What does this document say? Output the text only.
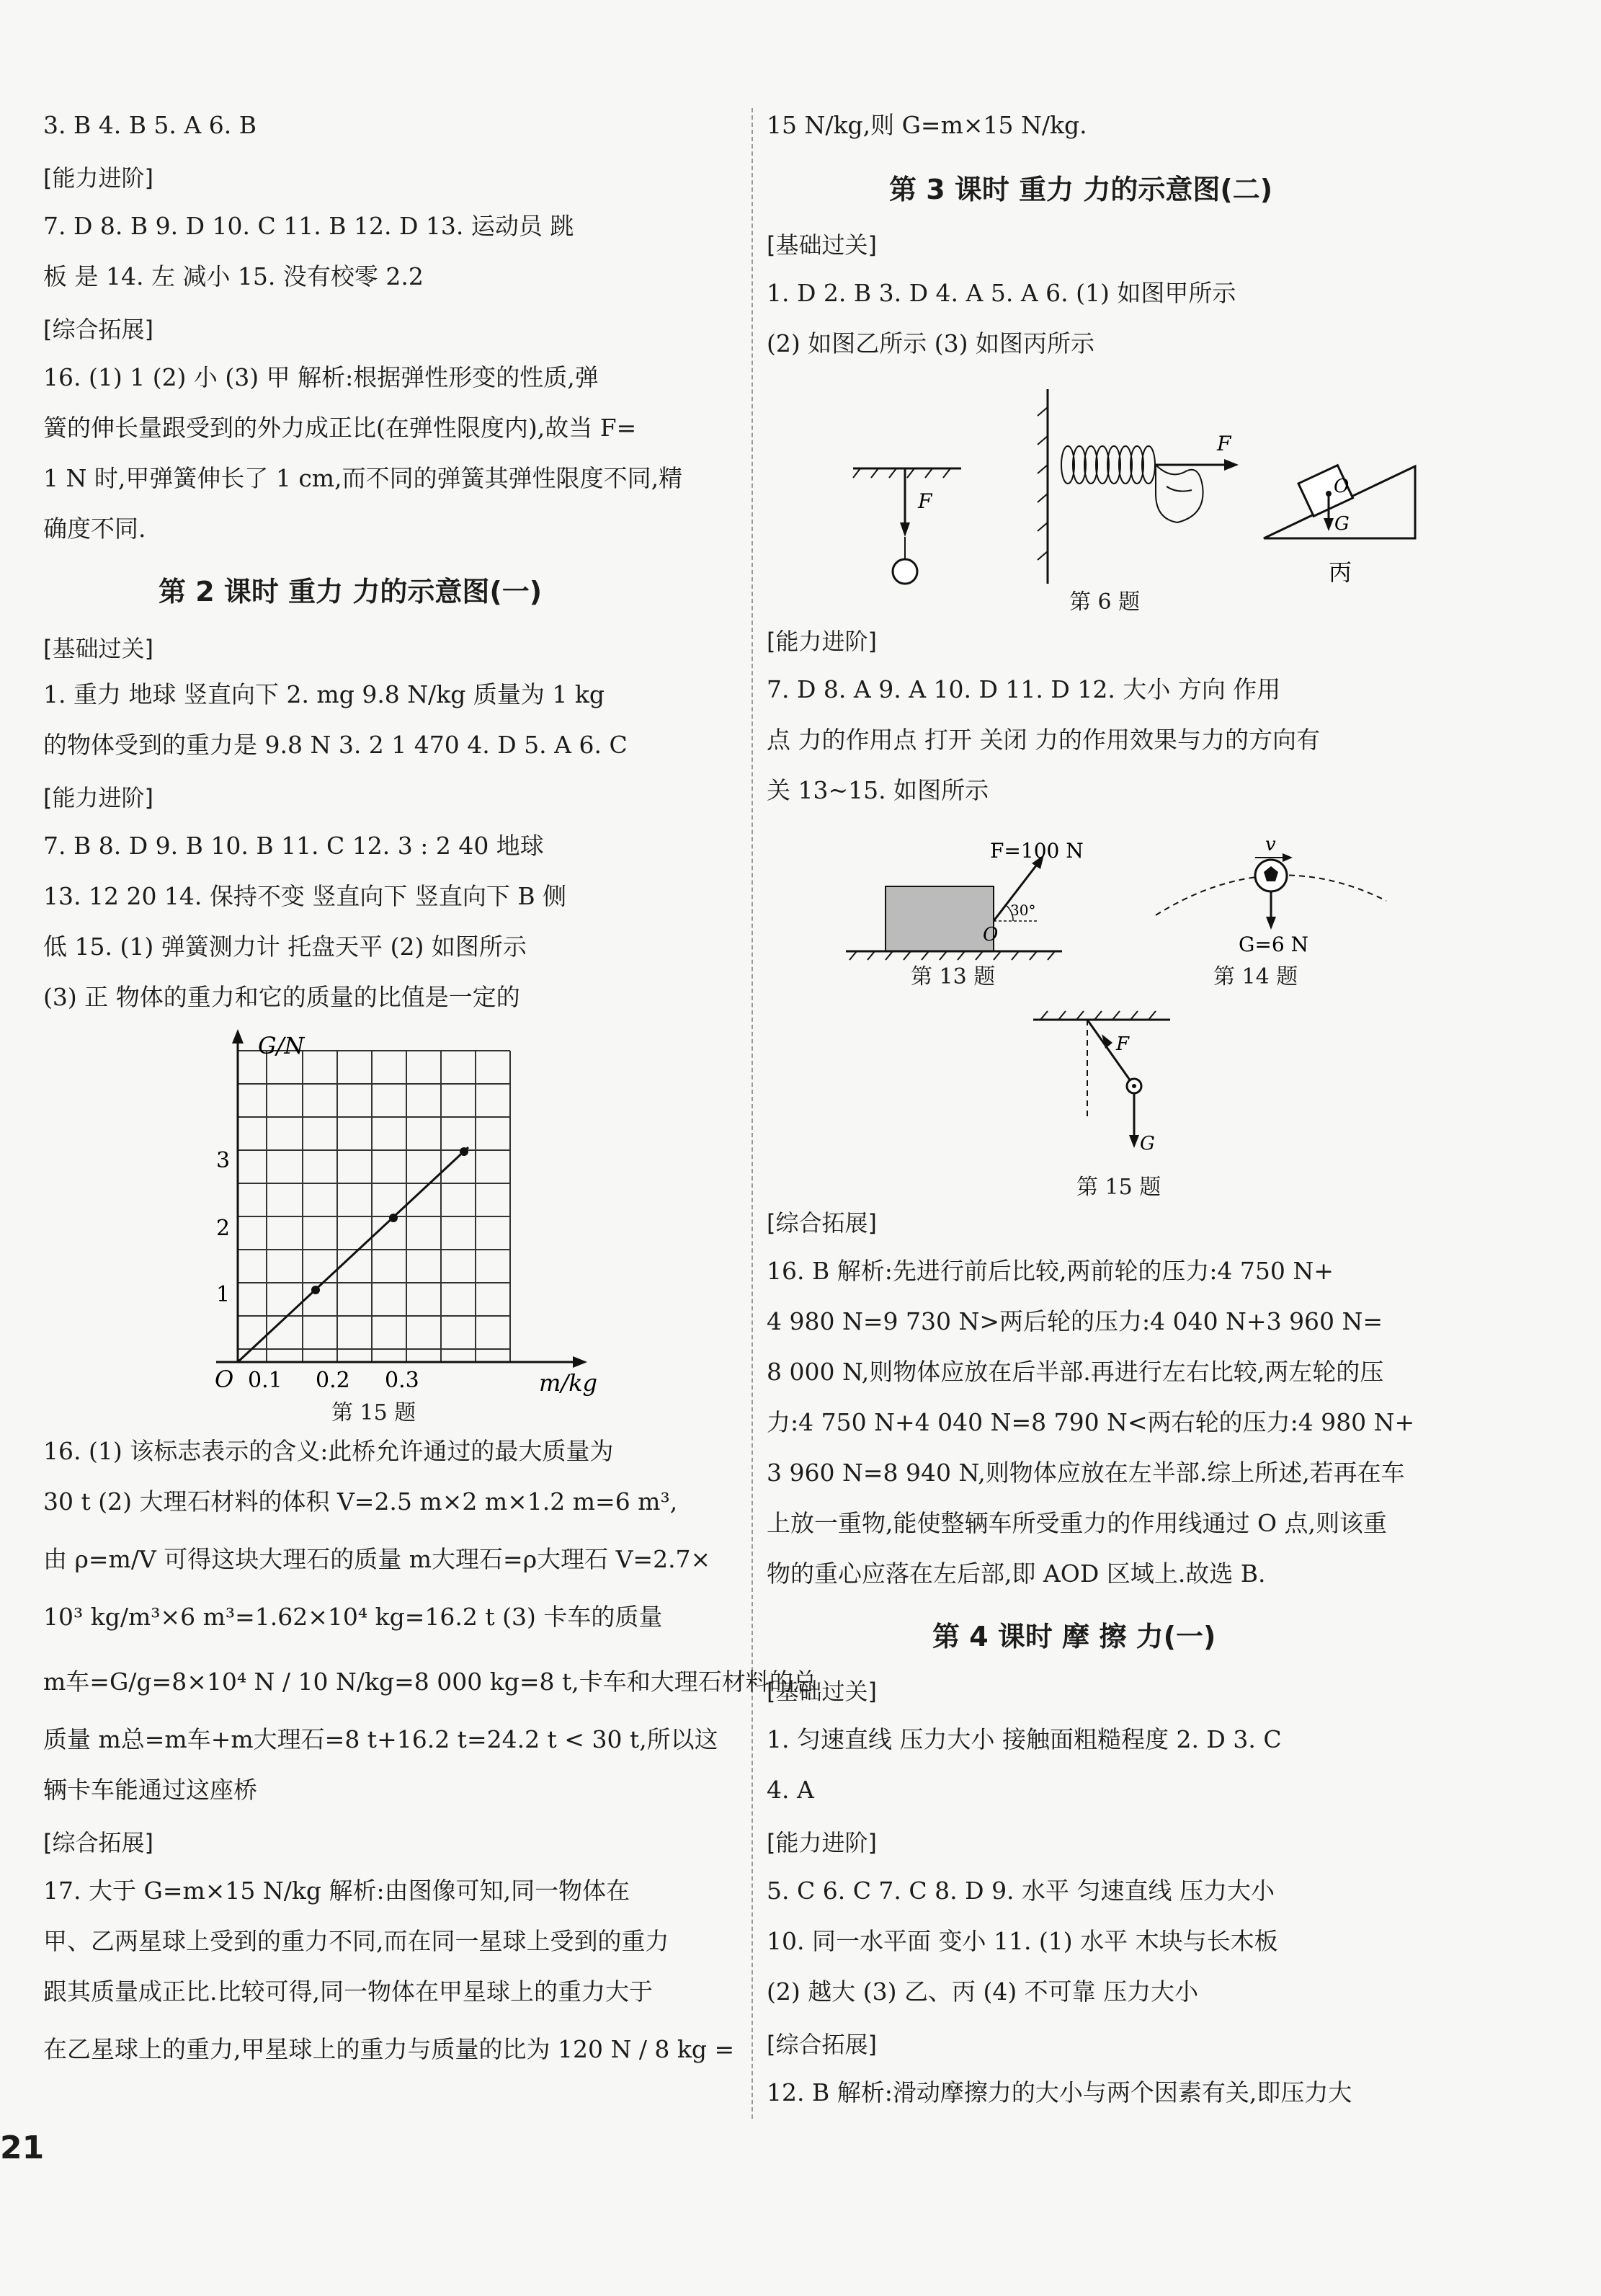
3. B 4. B 5. A 6. B
[能力进阶]
7. D 8. B 9. D 10. C 11. B 12. D 13. 运动员 跳
板 是 14. 左 减小 15. 没有校零 2.2
[综合拓展]
16. (1) 1 (2) 小 (3) 甲 解析:根据弹性形变的性质,弹
簧的伸长量跟受到的外力成正比(在弹性限度内),故当 F=
1 N 时,甲弹簧伸长了 1 cm,而不同的弹簧其弹性限度不同,精
确度不同.
第 2 课时 重力 力的示意图(一)
[基础过关]
1. 重力 地球 竖直向下 2. mg 9.8 N/kg 质量为 1 kg
的物体受到的重力是 9.8 N 3. 2 1 470 4. D 5. A 6. C
[能力进阶]
7. B 8. D 9. B 10. B 11. C 12. 3 : 2 40 地球
13. 12 20 14. 保持不变 竖直向下 竖直向下 B 侧
低 15. (1) 弹簧测力计 托盘天平 (2) 如图所示
(3) 正 物体的重力和它的质量的比值是一定的
G/N
m/kg
O 0.1 0.2 0.3
1
2
3
第 15 题
16. (1) 该标志表示的含义:此桥允许通过的最大质量为
30 t (2) 大理石材料的体积 V=2.5 m×2 m×1.2 m=6 m³,
由 ρ=m/V 可得这块大理石的质量 m大理石=ρ大理石 V=2.7×
10³ kg/m³×6 m³=1.62×10⁴ kg=16.2 t (3) 卡车的质量
m车=G/g=8×10⁴ N / 10 N/kg=8 000 kg=8 t,卡车和大理石材料的总
质量 m总=m车+m大理石=8 t+16.2 t=24.2 t < 30 t,所以这
辆卡车能通过这座桥
[综合拓展]
17. 大于 G=m×15 N/kg 解析:由图像可知,同一物体在
甲、乙两星球上受到的重力不同,而在同一星球上受到的重力
跟其质量成正比.比较可得,同一物体在甲星球上的重力大于
在乙星球上的重力,甲星球上的重力与质量的比为 120 N / 8 kg =
15 N/kg,则 G=m×15 N/kg.
第 3 课时 重力 力的示意图(二)
[基础过关]
1. D 2. B 3. D 4. A 5. A 6. (1) 如图甲所示
(2) 如图乙所示 (3) 如图丙所示
F
F
O
G
丙
第 6 题
[能力进阶]
7. D 8. A 9. A 10. D 11. D 12. 大小 方向 作用
点 力的作用点 打开 关闭 力的作用效果与力的方向有
关 13~15. 如图所示
30°
O
F=100 N
第 13 题
v
G=6 N
第 14 题
F
G
第 15 题
[综合拓展]
16. B 解析:先进行前后比较,两前轮的压力:4 750 N+
4 980 N=9 730 N>两后轮的压力:4 040 N+3 960 N=
8 000 N,则物体应放在后半部.再进行左右比较,两左轮的压
力:4 750 N+4 040 N=8 790 N<两右轮的压力:4 980 N+
3 960 N=8 940 N,则物体应放在左半部.综上所述,若再在车
上放一重物,能使整辆车所受重力的作用线通过 O 点,则该重
物的重心应落在左后部,即 AOD 区域上.故选 B.
第 4 课时 摩 擦 力(一)
[基础过关]
1. 匀速直线 压力大小 接触面粗糙程度 2. D 3. C
4. A
[能力进阶]
5. C 6. C 7. C 8. D 9. 水平 匀速直线 压力大小
10. 同一水平面 变小 11. (1) 水平 木块与长木板
(2) 越大 (3) 乙、丙 (4) 不可靠 压力大小
[综合拓展]
12. B 解析:滑动摩擦力的大小与两个因素有关,即压力大
21
